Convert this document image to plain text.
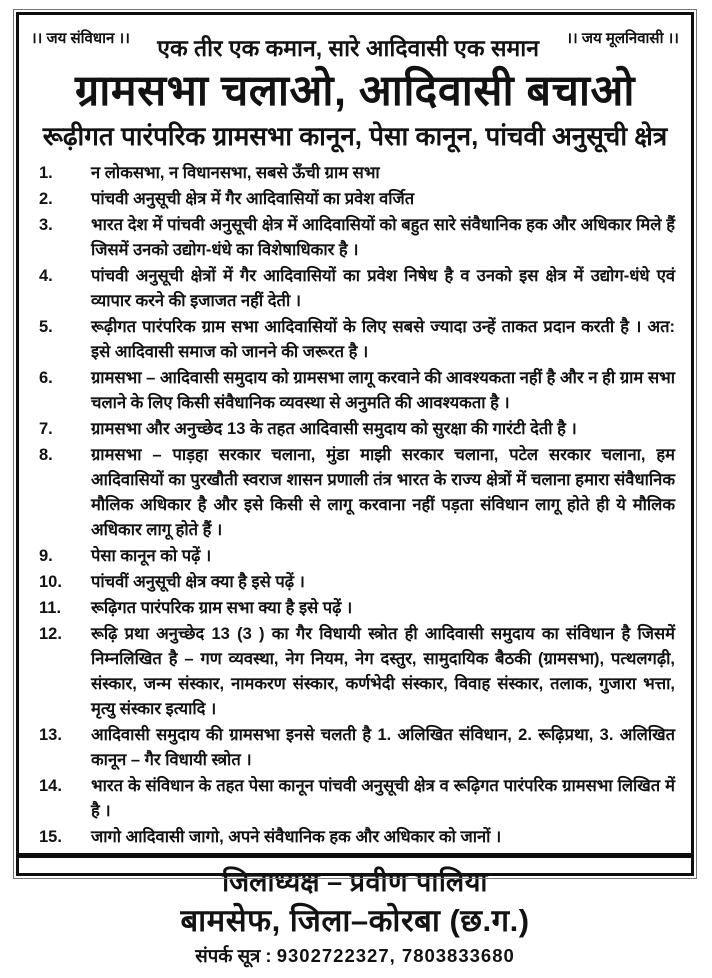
।। जय संविधान ।। एक तीर एक कमान, सारे आदिवासी एक समान ।। जय मूलनिवासी ।।
ग्रामसभा चलाओ, आदिवासी बचाओ
रूढ़ीगत पारंपरिक ग्रामसभा कानून, पेसा कानून, पांचवी अनुसूची क्षेत्र
1.	न लोकसभा, न विधानसभा, सबसे ऊँची ग्राम सभा
2.	पांचवी अनुसूची क्षेत्र में गैर आदिवासियों का प्रवेश वर्जित
3.	भारत देश में पांचवी अनुसूची क्षेत्र में आदिवासियों को बहुत सारे संवैधानिक हक और अधिकार मिले हैं जिसमें उनको उद्योग-धंधे का विशेषाधिकार है ।
4.	पांचवी अनुसूची क्षेत्रों में गैर आदिवासियों का प्रवेश निषेध है व उनको इस क्षेत्र में उद्योग-धंधे एवं व्यापार करने की इजाजत नहीं देती ।
5.	रूढ़ीगत पारंपरिक ग्राम सभा आदिवासियों के लिए सबसे ज्यादा उन्हें ताकत प्रदान करती है । अत: इसे आदिवासी समाज को जानने की जरूरत है ।
6.	ग्रामसभा – आदिवासी समुदाय को ग्रामसभा लागू करवाने की आवश्यकता नहीं है और न ही ग्राम सभा चलाने के लिए किसी संवैधानिक व्यवस्था से अनुमति की आवश्यकता है ।
7.	ग्रामसभा और अनुच्छेद 13 के तहत आदिवासी समुदाय को सुरक्षा की गारंटी देती है ।
8.	ग्रामसभा – पाड़हा सरकार चलाना, मुंडा माझी सरकार चलाना, पटेल सरकार चलाना, हम आदिवासियों का पुरखौती स्वराज शासन प्रणाली तंत्र भारत के राज्य क्षेत्रों में चलाना हमारा संवैधानिक मौलिक अधिकार है और इसे किसी से लागू करवाना नहीं पड़ता संविधान लागू होते ही ये मौलिक अधिकार लागू होते हैं ।
9.	पेसा कानून को पढ़ें ।
10.	पांचवीं अनुसूची क्षेत्र क्या है इसे पढ़ें ।
11.	रूढ़िगत पारंपरिक ग्राम सभा क्या है इसे पढ़ें ।
12.	रूढ़ि प्रथा अनुच्छेद 13 (3 ) का गैर विधायी स्त्रोत ही आदिवासी समुदाय का संविधान है जिसमें निम्नलिखित है – गण व्यवस्था, नेग नियम, नेग दस्तुर, सामुदायिक बैठकी (ग्रामसभा), पत्थलगढ़ी, संस्कार, जन्म संस्कार, नामकरण संस्कार, कर्णभेदी संस्कार, विवाह संस्कार, तलाक, गुजारा भत्ता, मृत्यु संस्कार इत्यादि ।
13.	आदिवासी समुदाय की ग्रामसभा इनसे चलती है 1. अलिखित संविधान, 2. रूढ़िप्रथा, 3. अलिखित कानून – गैर विधायी स्त्रोत ।
14.	भारत के संविधान के तहत पेसा कानून पांचवी अनुसूची क्षेत्र व रूढ़िगत पारंपरिक ग्रामसभा लिखित में है ।
15.	जागो आदिवासी जागो, अपने संवैधानिक हक और अधिकार को जानों ।
जिलाध्यक्ष – प्रवीण पालिया
बामसेफ, जिला–कोरबा (छ.ग.)
संपर्क सूत्र : 9302722327, 7803833680
